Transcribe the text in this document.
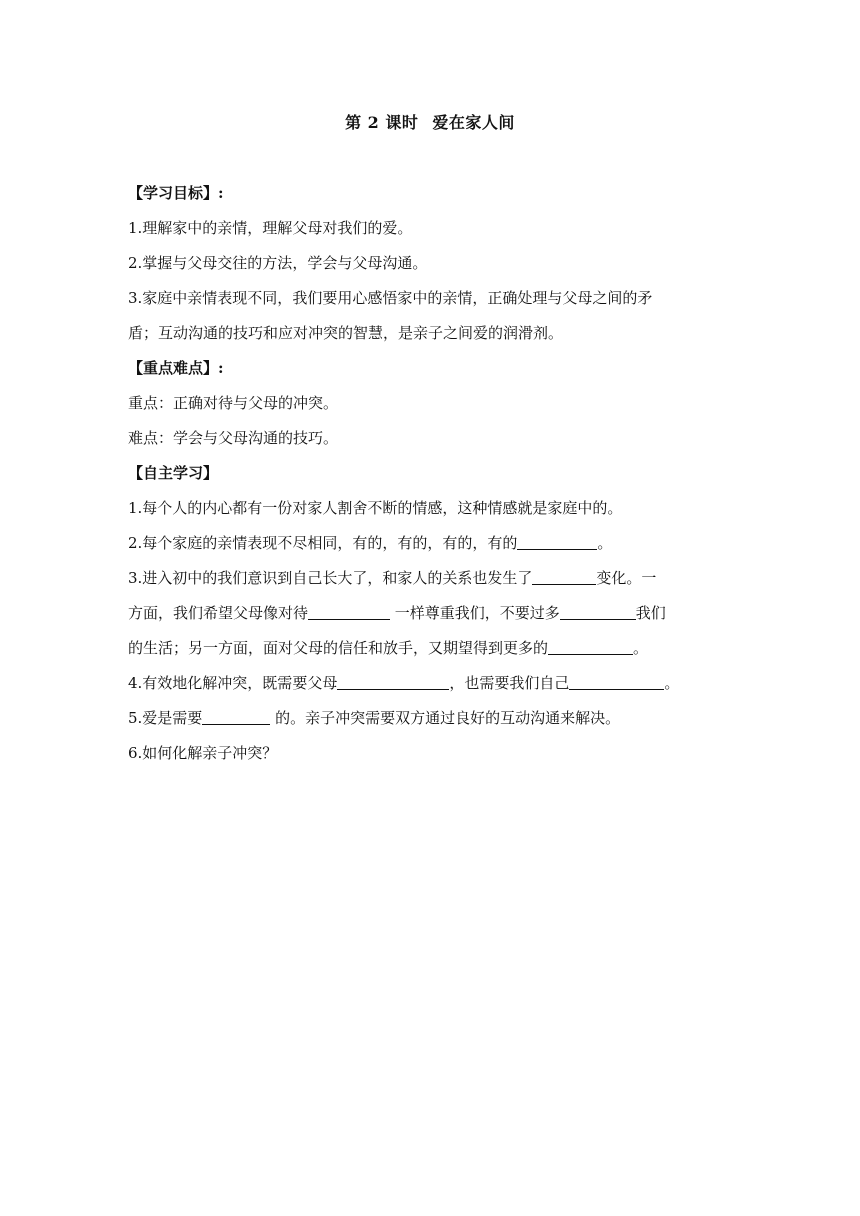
第 2 课时 爱在家人间
【学习目标】:
1.理解家中的亲情，理解父母对我们的爱。
2.掌握与父母交往的方法，学会与父母沟通。
3.家庭中亲情表现不同，我们要用心感悟家中的亲情，正确处理与父母之间的矛
盾；互动沟通的技巧和应对冲突的智慧，是亲子之间爱的润滑剂。
【重点难点】:
重点：正确对待与父母的冲突。
难点：学会与父母沟通的技巧。
【自主学习】
1.每个人的内心都有一份对家人割舍不断的情感，这种情感就是家庭中的。
2.每个家庭的亲情表现不尽相同，有的，有的，有的，有的	。
3.进入初中的我们意识到自己长大了，和家人的关系也发生了	变化。一
方面，我们希望父母像对待	一样尊重我们，不要过多	我们
的生活；另一方面，面对父母的信任和放手，又期望得到更多的	。
4.有效地化解冲突，既需要父母	，也需要我们自己	。
5.爱是需要	的。亲子冲突需要双方通过良好的互动沟通来解决。
6.如何化解亲子冲突？
